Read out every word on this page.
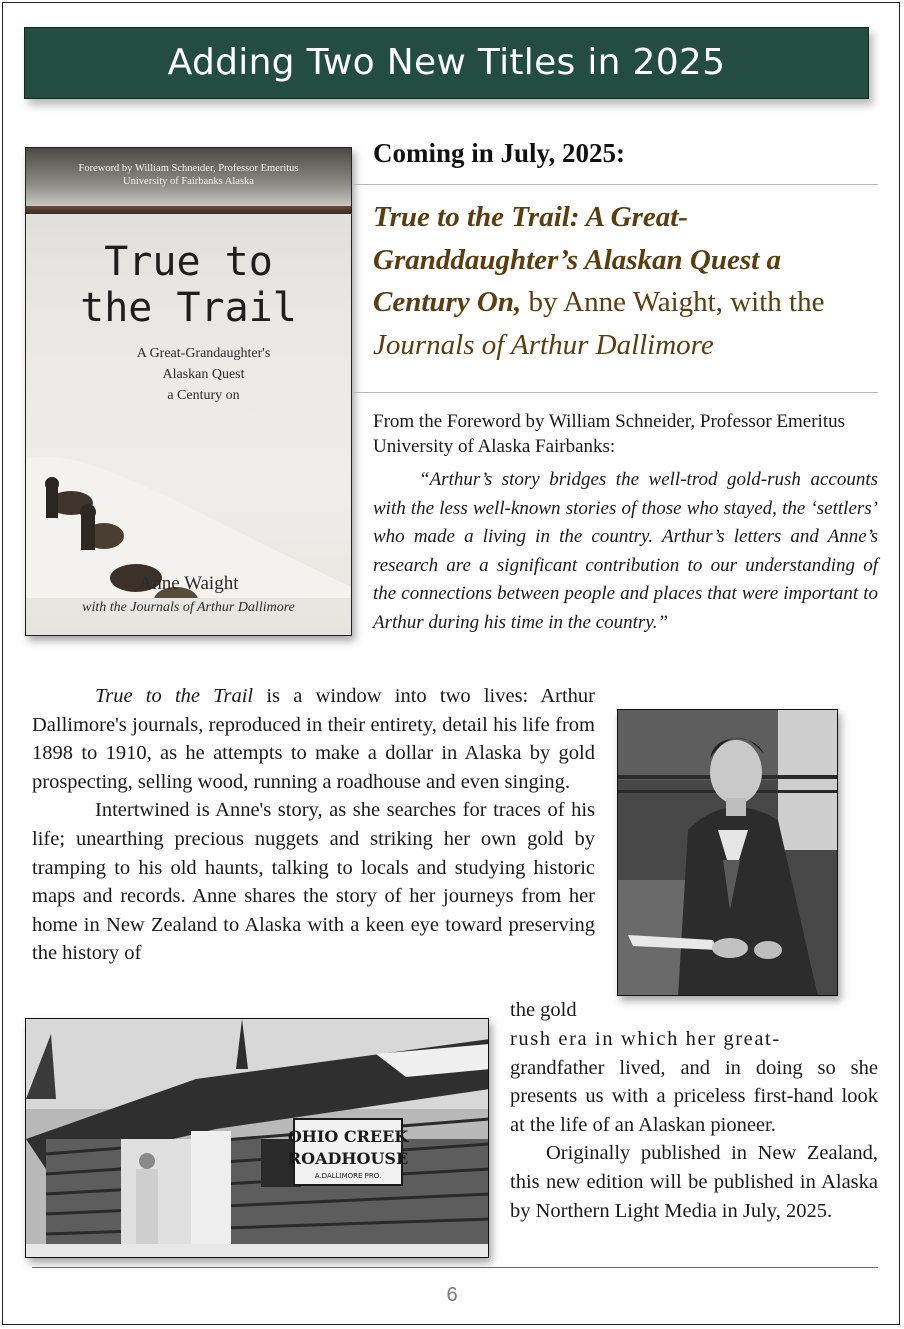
Adding Two New Titles in 2025
Foreword by William Schneider, Professor Emeritus
University of Fairbanks Alaska
True to
the Trail
A Great-Grandaughter's
Alaskan Quest
a Century on
Anne Waight
with the Journals of Arthur Dallimore
Coming in July, 2025:
True to the Trail: A Great-Granddaughter’s Alaskan Quest a Century On, by Anne Waight, with the Journals of Arthur Dallimore
From the Foreword by William Schneider, Professor Emeritus University of Alaska Fairbanks:
“Arthur’s story bridges the well-trod gold-rush accounts with the less well-known stories of those who stayed, the ‘settlers’ who made a living in the country. Arthur’s letters and Anne’s research are a significant contribution to our understanding of the connections between people and places that were important to Arthur during his time in the country.”

True to the Trail is a window into two lives: Arthur Dallimore's journals, reproduced in their entirety, detail his life from 1898 to 1910, as he attempts to make a dollar in Alaska by gold prospecting, selling wood, running a roadhouse and even singing.

Intertwined is Anne's story, as she searches for traces of his life; unearthing precious nuggets and striking her own gold by tramping to his old haunts, talking to locals and studying historic maps and records. Anne shares the story of her journeys from her home in New Zealand to Alaska with a keen eye toward preserving the history of

the gold

rush era in which her great-

grandfather lived, and in doing so she presents us with a priceless first-hand look at the life of an Alaskan pioneer.

Originally published in New Zealand, this new edition will be published in Alaska by Northern Light Media in July, 2025.

OHIO CREEK
ROADHOUSE
A.DALLIMORE PRO.
6
